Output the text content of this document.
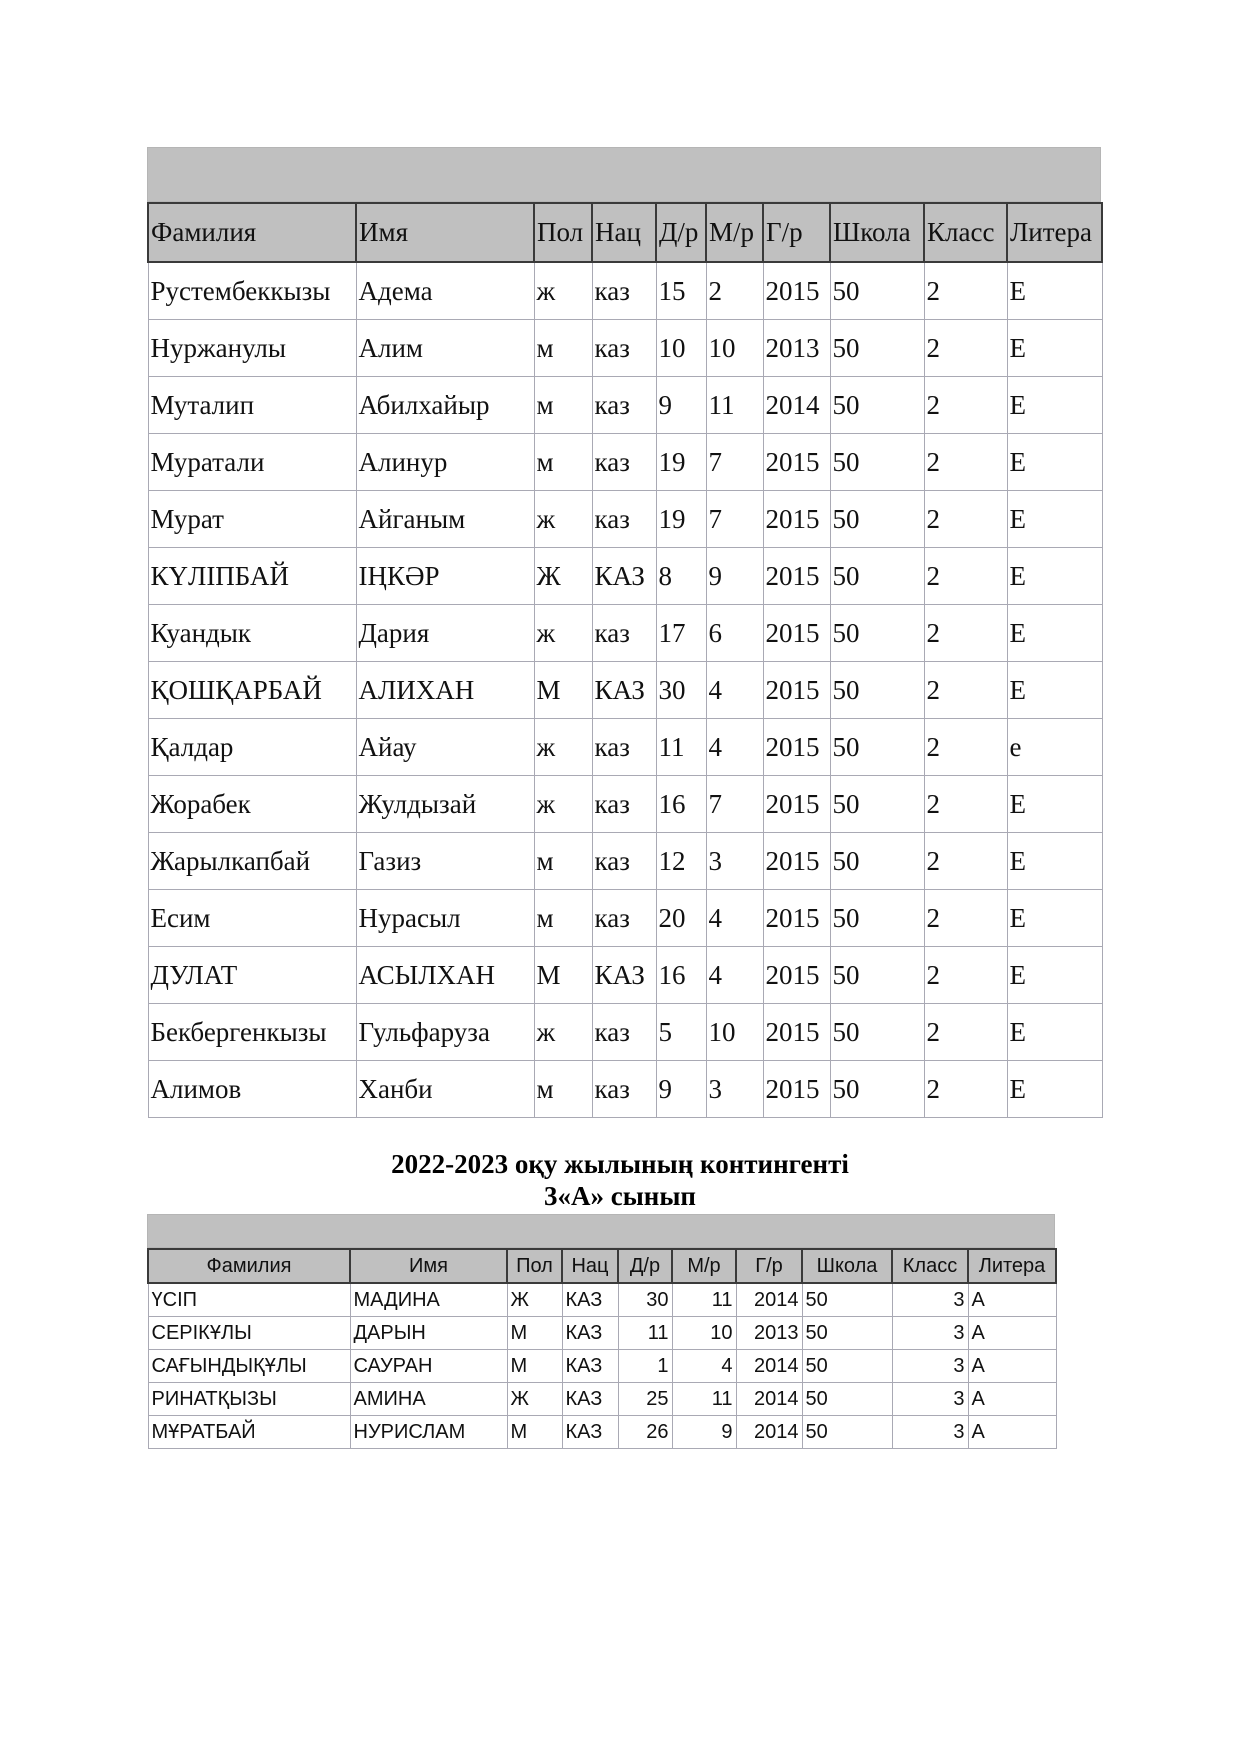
Фамилия	Имя	Пол	Нац	Д/р	М/р	Г/р	Школа	Класс	Литера
Рустембеккызы	Адема	ж	каз	15	2	2015	50	2	Е
Нуржанулы	Алим	м	каз	10	10	2013	50	2	Е
Муталип	Абилхайыр	м	каз	9	11	2014	50	2	Е
Муратали	Алинур	м	каз	19	7	2015	50	2	Е
Мурат	Айганым	ж	каз	19	7	2015	50	2	Е
КҮЛІПБАЙ	ІҢКӘР	Ж	КАЗ	8	9	2015	50	2	Е
Куандык	Дария	ж	каз	17	6	2015	50	2	Е
ҚОШҚАРБАЙ	АЛИХАН	М	КАЗ	30	4	2015	50	2	Е
Қалдар	Айау	ж	каз	11	4	2015	50	2	е
Жорабек	Жулдызай	ж	каз	16	7	2015	50	2	Е
Жарылкапбай	Газиз	м	каз	12	3	2015	50	2	Е
Есим	Нурасыл	м	каз	20	4	2015	50	2	Е
ДУЛАТ	АСЫЛХАН	М	КАЗ	16	4	2015	50	2	Е
Бекбергенкызы	Гульфаруза	ж	каз	5	10	2015	50	2	Е
Алимов	Ханби	м	каз	9	3	2015	50	2	Е
2022-2023 оқу жылының контингенті
3«А» сынып
Фамилия	Имя	Пол	Нац	Д/р	М/р	Г/р	Школа	Класс	Литера
ҮСІП	МАДИНА	Ж	КАЗ	30	11	2014	50	3	А
СЕРІКҰЛЫ	ДАРЫН	М	КАЗ	11	10	2013	50	3	А
САҒЫНДЫҚҰЛЫ	САУРАН	М	КАЗ	1	4	2014	50	3	А
РИНАТҚЫЗЫ	АМИНА	Ж	КАЗ	25	11	2014	50	3	А
МҰРАТБАЙ	НУРИСЛАМ	М	КАЗ	26	9	2014	50	3	А
